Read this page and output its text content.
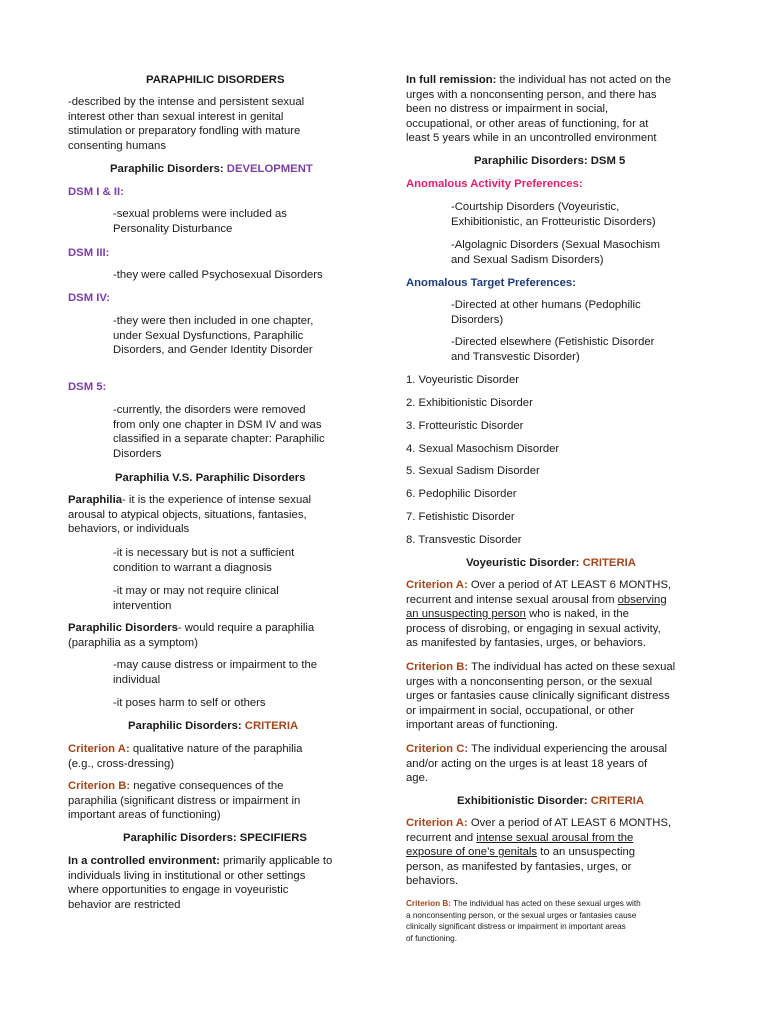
PARAPHILIC DISORDERS
-described by the intense and persistent sexual
interest other than sexual interest in genital
stimulation or preparatory fondling with mature
consenting humans
Paraphilic Disorders: DEVELOPMENT
DSM I & II:
-sexual problems were included as
Personality Disturbance
DSM III:
-they were called Psychosexual Disorders
DSM IV:
-they were then included in one chapter,
under Sexual Dysfunctions, Paraphilic
Disorders, and Gender Identity Disorder
DSM 5:
-currently, the disorders were removed
from only one chapter in DSM IV and was
classified in a separate chapter: Paraphilic
Disorders
Paraphilia V.S. Paraphilic Disorders
Paraphilia- it is the experience of intense sexual
arousal to atypical objects, situations, fantasies,
behaviors, or individuals
-it is necessary but is not a sufficient
condition to warrant a diagnosis
-it may or may not require clinical
intervention
Paraphilic Disorders- would require a paraphilia
(paraphilia as a symptom)
-may cause distress or impairment to the
individual
-it poses harm to self or others
Paraphilic Disorders: CRITERIA
Criterion A: qualitative nature of the paraphilia
(e.g., cross-dressing)
Criterion B: negative consequences of the
paraphilia (significant distress or impairment in
important areas of functioning)
Paraphilic Disorders: SPECIFIERS
In a controlled environment: primarily applicable to
individuals living in institutional or other settings
where opportunities to engage in voyeuristic
behavior are restricted
In full remission: the individual has not acted on the
urges with a nonconsenting person, and there has
been no distress or impairment in social,
occupational, or other areas of functioning, for at
least 5 years while in an uncontrolled environment
Paraphilic Disorders: DSM 5
Anomalous Activity Preferences:
-Courtship Disorders (Voyeuristic,
Exhibitionistic, an Frotteuristic Disorders)
-Algolagnic Disorders (Sexual Masochism
and Sexual Sadism Disorders)
Anomalous Target Preferences:
-Directed at other humans (Pedophilic
Disorders)
-Directed elsewhere (Fetishistic Disorder
and Transvestic Disorder)
1. Voyeuristic Disorder
2. Exhibitionistic Disorder
3. Frotteuristic Disorder
4. Sexual Masochism Disorder
5. Sexual Sadism Disorder
6. Pedophilic Disorder
7. Fetishistic Disorder
8. Transvestic Disorder
Voyeuristic Disorder: CRITERIA
Criterion A: Over a period of AT LEAST 6 MONTHS,
recurrent and intense sexual arousal from observing
an unsuspecting person who is naked, in the
process of disrobing, or engaging in sexual activity,
as manifested by fantasies, urges, or behaviors.
Criterion B: The individual has acted on these sexual
urges with a nonconsenting person, or the sexual
urges or fantasies cause clinically significant distress
or impairment in social, occupational, or other
important areas of functioning.
Criterion C: The individual experiencing the arousal
and/or acting on the urges is at least 18 years of
age.
Exhibitionistic Disorder: CRITERIA
Criterion A: Over a period of AT LEAST 6 MONTHS,
recurrent and intense sexual arousal from the
exposure of one’s genitals to an unsuspecting
person, as manifested by fantasies, urges, or
behaviors.
Criterion B: The individual has acted on these sexual urges with
a nonconsenting person, or the sexual urges or fantasies cause
clinically significant distress or impairment in important areas
of functioning.
